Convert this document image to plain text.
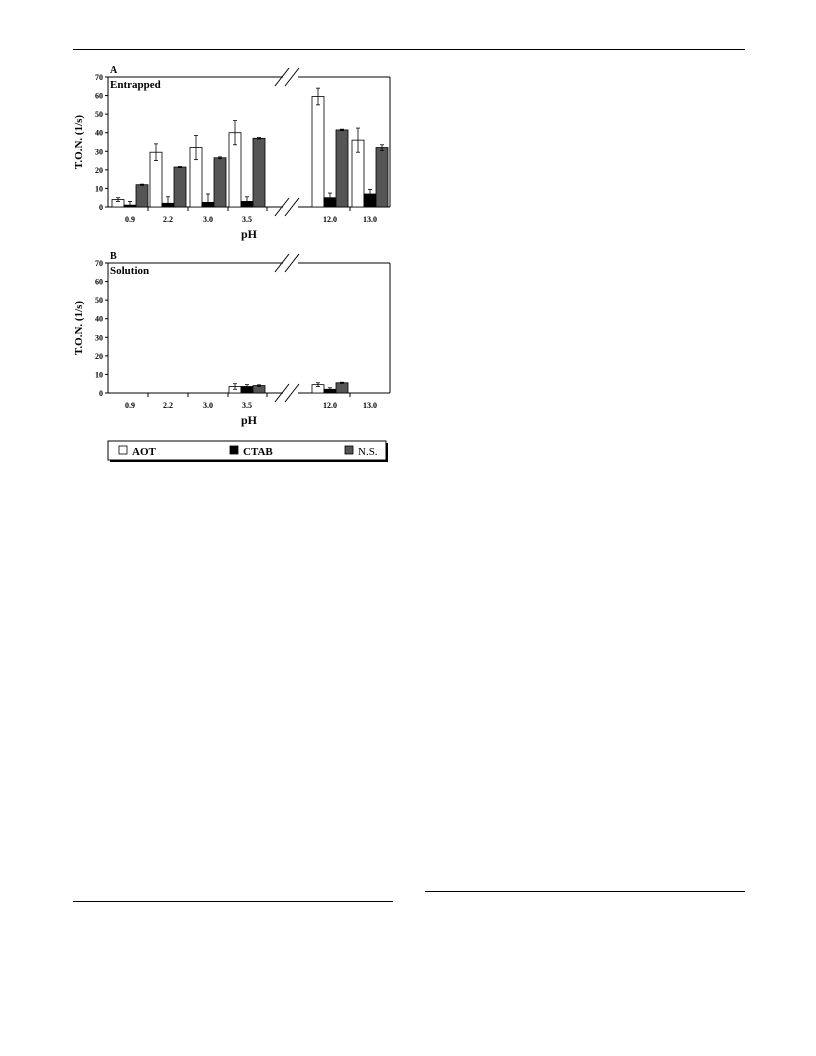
0
10
20
30
40
50
60
70
0.9	2.2	3.0	3.5	12.0	13.0
A
Entrapped
pH
T.O.N. (1/s)
0
10
20
30
40
50
60
70
0.9	2.2	3.0	3.5	12.0	13.0
B
Solution
pH
T.O.N. (1/s)
AOT	CTAB	N.S.
